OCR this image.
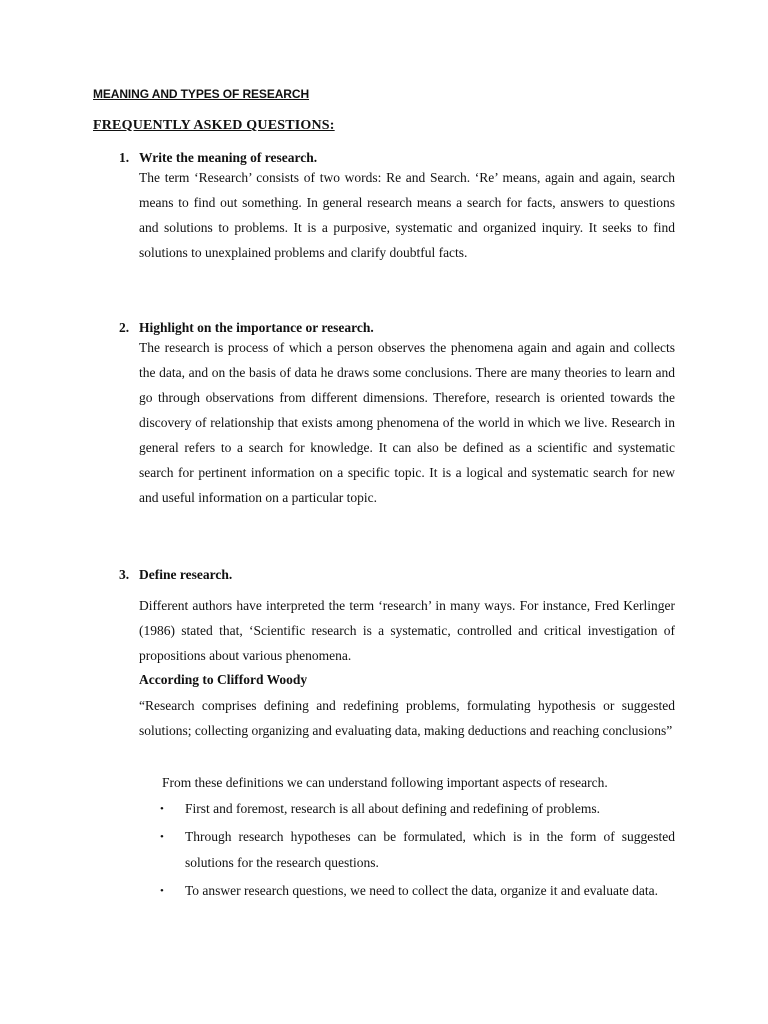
MEANING AND TYPES OF RESEARCH
FREQUENTLY ASKED QUESTIONS:
1. Write the meaning of research.

The term ‘Research’ consists of two words: Re and Search. ‘Re’ means, again and again, search means to find out something. In general research means a search for facts, answers to questions and solutions to problems. It is a purposive, systematic and organized inquiry. It seeks to find solutions to unexplained problems and clarify doubtful facts.

2. Highlight on the importance or research.

The research is process of which a person observes the phenomena again and again and collects the data, and on the basis of data he draws some conclusions. There are many theories to learn and go through observations from different dimensions. Therefore, research is oriented towards the discovery of relationship that exists among phenomena of the world in which we live. Research in general refers to a search for knowledge. It can also be defined as a scientific and systematic search for pertinent information on a specific topic. It is a logical and systematic search for new and useful information on a particular topic.

3. Define research.

Different authors have interpreted the term ‘research’ in many ways. For instance, Fred Kerlinger (1986) stated that, ‘Scientific research is a systematic, controlled and critical investigation of propositions about various phenomena.

According to Clifford Woody

“Research comprises defining and redefining problems, formulating hypothesis or suggested solutions; collecting organizing and evaluating data, making deductions and reaching conclusions”

From these definitions we can understand following important aspects of research.

• First and foremost, research is all about defining and redefining of problems.
• Through research hypotheses can be formulated, which is in the form of suggested solutions for the research questions.
• To answer research questions, we need to collect the data, organize it and evaluate data.
